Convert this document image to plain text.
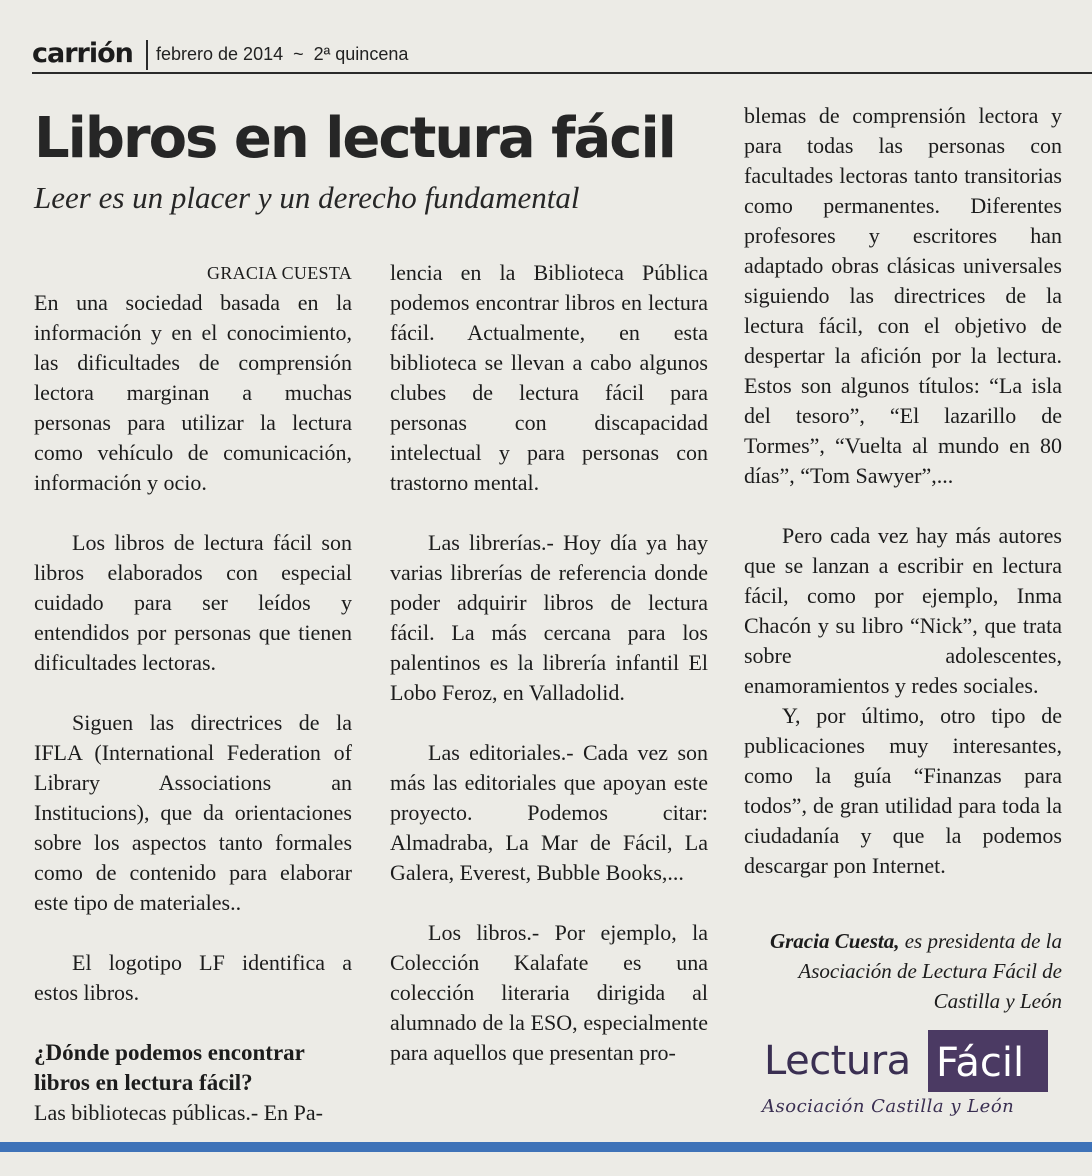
carrión febrero de 2014  ~  2ª quincena
Libros en lectura fácil
Leer es un placer y un derecho fundamental

GRACIA CUESTA

En una sociedad basada en la información y en el conocimiento, las dificultades de comprensión lectora marginan a muchas personas para utilizar la lectura como vehículo de comunicación, información y ocio.

Los libros de lectura fácil son libros elaborados con especial cuidado para ser leídos y entendidos por personas que tienen dificultades lectoras.

Siguen las directrices de la IFLA (International Federation of Library Associations an Institucions), que da orientaciones sobre los aspectos tanto formales como de contenido para elaborar este tipo de materiales..

El logotipo LF identifica a estos libros.

¿Dónde podemos encontrar libros en lectura fácil?

Las bibliotecas públicas.- En Pa-

lencia en la Biblioteca Pública podemos encontrar libros en lectura fácil. Actualmente, en esta biblioteca se llevan a cabo algunos clubes de lectura fácil para personas con discapacidad intelectual y para personas con trastorno mental.

Las librerías.- Hoy día ya hay varias librerías de referencia donde poder adquirir libros de lectura fácil. La más cercana para los palentinos es la librería infantil El Lobo Feroz, en Valladolid.

Las editoriales.- Cada vez son más las editoriales que apoyan este proyecto. Podemos citar: Almadraba, La Mar de Fácil, La Galera, Everest, Bubble Books,...

Los libros.- Por ejemplo, la Colección Kalafate es una colección literaria dirigida al alumnado de la ESO, especialmente para aquellos que presentan pro-

blemas de comprensión lectora y para todas las personas con facultades lectoras tanto transitorias como permanentes. Diferentes profesores y escritores han adaptado obras clásicas universales siguiendo las directrices de la lectura fácil, con el objetivo de despertar la afición por la lectura. Estos son algunos títulos: “La isla del tesoro”, “El lazarillo de Tormes”, “Vuelta al mundo en 80 días”, “Tom Sawyer”,...

Pero cada vez hay más autores que se lanzan a escribir en lectura fácil, como por ejemplo, Inma Chacón y su libro “Nick”, que trata sobre adolescentes, enamoramientos y redes sociales.

Y, por último, otro tipo de publicaciones muy interesantes, como la guía “Finanzas para todos”, de gran utilidad para toda la ciudadanía y que la podemos descargar pon Internet.

Gracia Cuesta, es presidenta de la Asociación de Lectura Fácil de Castilla y León
Lectura Fácil
Asociación Castilla y León
